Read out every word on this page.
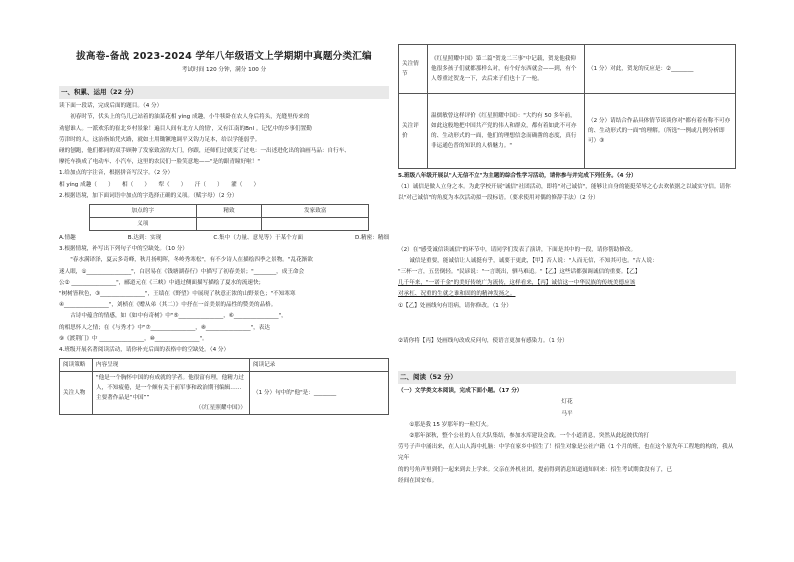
拔高卷-备战 2023-2024 学年八年级语文上学期期中真题分类汇编
考试时间 120 分钟，满分 100 分
一、积累、运用（22 分）

读下面一段话，完成后面的题目。（4 分）

初春时节，伏头上的鸟儿已站着的油菜花相 yíng 成趣，小牛犊卧在农人身后将头，光缝里传来的

劝慰谁人。一派欢乐的崔北乡村景象！遍目人间有北方人的情'，又有江南的Bnl 。记忆中的乡事们置勤

劳津时的人，这治指始凭火路，就如土用锄镢地调平又钩力足本，给以学能弱乎。

碰的刨跑，他们都同的双手顾种了发家致富的大门，你跟，还师们过就变了过电：一出述进化出的油画马品：自行车、

摩托车换成了电动车、小汽车，这里的农民们一脸笑意地——"是的跟青瞳好啦！"

1.给加点的字注音，根据拼音写汉字。（2 分）

相 yíng 成趣（　　）　　相（　　）　　犁（　　）　　汗（　　）　　濯（　　）

2.根据语境，加下面词语中加点的字选择正确的义项。（赋字母）（2 分）

加点的字	精致	发家致富
义项		
A.情趣	B.达到：实现	C.集中（力量、意见等）于某个方面	D.精密：精细

3.根据情境，补写出下列句子中的空缺处。（10 分）

"春水满译泽，夏云多奇峰，秋月扬明晖，冬岭秀寒松"，有不少诗人在描绘四季之景物。"乱花渐欲

迷人眼，①________________"，白居易在《钱塘湖春行》中描写了初春美景；"________，成王命会

公② ________________"，郦道元在《三峡》中通过侧面描写描绘了夏水的流速快；

"树树皆秋色，③________________"，王绩在《野望》中展现了秋意正浓的山野景色；"不知寒寒

④________________"，刘桢在《赠从弟（其二）》中抒在一首美景的品性的赞美的品格。

古诗中蕴含的情感，如《如中有奇树》中"⑤________________，⑥________________"，

的相思怀人之情；在《与秀才》中"⑦________________，⑧________________"，表达

⑨《渡荆门》中 ________________，⑩________________"。

4.班级开展名著阅读活动，请你补充后面的表格中的空缺处。（4 分）

阅读策略	内容呈现	阅读记录
关注人物	"他是一个胸怀中国的有成就的学者。他很富有理，他精力过人，不知疲倦，是一个颇有关于前军事和政治期刊编辑……主要著作品是“中国””
（《红星照耀中国》）	（1 分）句中的"他"是：________
关注情节	《红星照耀中国》第二篇"贺龙二三事"中记载，贺龙他我仰他很多孩子们就都那样么对，有个好东西就会——到，有个人尊重过贺龙一下，去后来子们也十了一枪。	（1 分）对此，贺龙的反应是：②________
关注评价	温儒敏曾这样评价《红星照耀中国》："大约有 50 多年前，如此这般地把中国共产党的伟人和群众，都有着如此不可亦的、生动形式的一面，他们的理想信念而确凿的态度，真行非运通色普的知识的人格魅力。"	（2 分）请结合作品具体情节谈谈你对"都有着有称不可亦的、生动形式的一面"的理解。（所选"一例或几例分析即可）③

5.班级八年级开展以"人无信不立"为主题的综合性学习活动，请你参与并完成下列任务。（4 分）

（1）诚信是做人立身之本。为此学校开展"诚信"社团活动，即将"对己诚信"，能够让自身的能挺荣辱之心去欢依据之以诚实守信。请你以"对己诚信"的角度为本次活动拟一段标语。（要求使用对偶的修辞手法）（2 分）

（2）在"感受诚信读诚信"的环节中，请同学们发表了演讲，下面是其中的一段，请你帮助修改。

诚信是重要，能诚信让人诚挺有乎，诚要于更此，【甲】否人说："人而无信，不知其可也。"古人说：

"三杯一言，五岳倒轻。"民谚说："一言既出，驷马难追。"【乙】这些话都强调诚信的重要。【乙】

几千年来，"一诺千金"的美好传统广为流传，这样看来，【丙】诚信这一中华民族的传统美德应该

对承杠、况重的生就之谁和固的的精神发扬之。

①【乙】处画线句有语病，请你修改。（1 分）

②请你将【丙】处画线句改成反问句，使语言更加有感染力。（1 分）

二、阅读（52 分）

（一）文学类文本阅读，完成下面小题。（17 分）

灯花

马平

①那是我 15 岁那年的一粒灯火。

②那年深秋，整个公社的人在大队集结，参加水库建设会战。一个小道消息，突然从此起彼伏的打

劳号子声中涌出来，在人山人海中扎脑：中学在家乡中招生了！招生对象是公社户籍（1 个月的班，也在这个原先年工程地的构的，我从完年

的的号角声里到们一起来到去上学来。父亲在外机社团，提前得到消息知道通知回来：招生考试期食没有了，已

经间在国安布。
